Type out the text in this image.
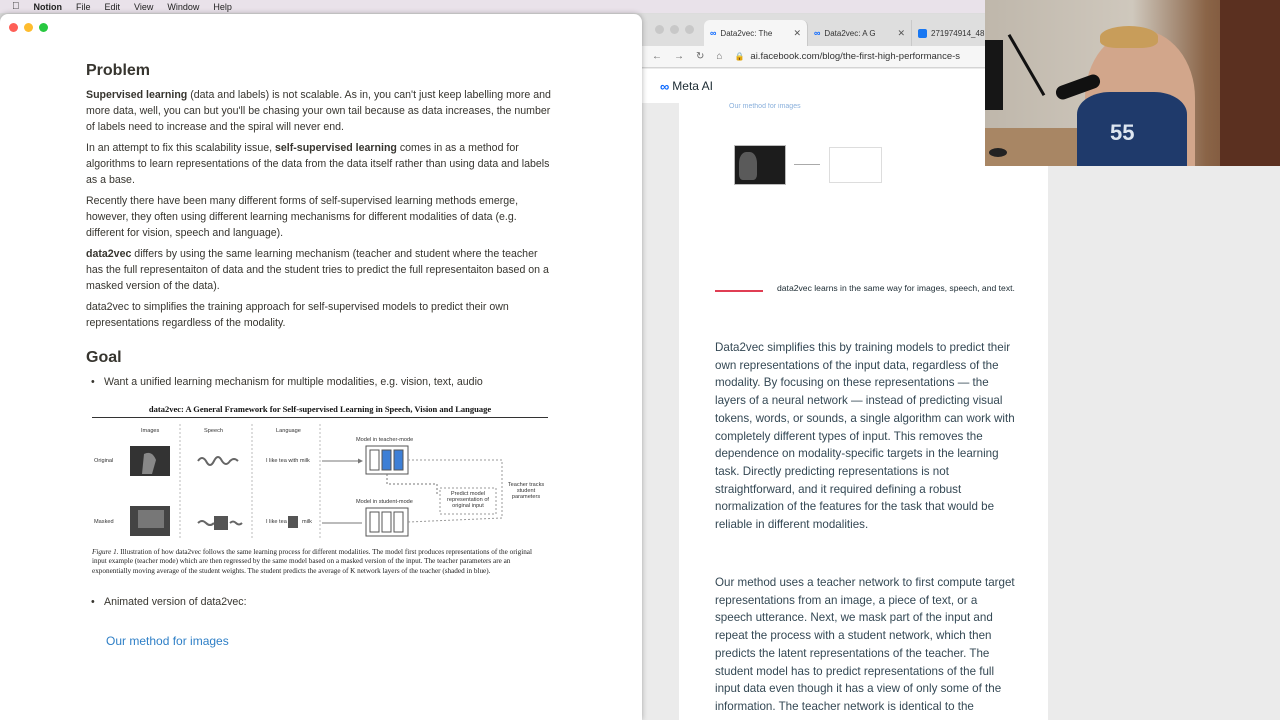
Notion File Edit View Window Help
Problem

Supervised learning (data and labels) is not scalable. As in, you can't just keep labelling more and more data, well, you can but you'll be chasing your own tail because as data increases, the number of labels need to increase and the spiral will never end.

In an attempt to fix this scalability issue, self-supervised learning comes in as a method for algorithms to learn representations of the data from the data itself rather than using data and labels as a base.

Recently there have been many different forms of self-supervised learning methods emerge, however, they often using different learning mechanisms for different modalities of data (e.g. different for vision, speech and language).

data2vec differs by using the same learning mechanism (teacher and student where the teacher has the full representaiton of data and the student tries to predict the full representaiton based on a masked version of the data).

data2vec to simplifies the training approach for self-supervised models to predict their own representations regardless of the modality.

Goal
• Want a unified learning mechanism for multiple modalities, e.g. vision, text, audio
data2vec: A General Framework for Self-supervised Learning in Speech, Vision and Language
Images	Speech	Language
Original
Masked
I like tea with milk
I like tea	milk
Model in teacher-mode
Model in student-mode
Predict model representation of original input
Teacher tracks student parameters

Figure 1. Illustration of how data2vec follows the same learning process for different modalities. The model first produces representations of the original input example (teacher mode) which are then regressed by the same model based on a masked version of the input. The teacher parameters are an exponentially moving average of the student weights. The student predicts the average of K network layers of the teacher (shaded in blue).

• Animated version of data2vec:
Our method for images
∞ Data2vec: The	✕ ∞ Data2vec: A G	✕	271974914_48
← → ↻ ⌂ 🔒 ai.facebook.com/blog/the-first-high-performance-s
Our method for images
data2vec learns in the same way for images, speech, and text.

Data2vec simplifies this by training models to predict their own representations of the input data, regardless of the modality. By focusing on these representations — the layers of a neural network — instead of predicting visual tokens, words, or sounds, a single algorithm can work with completely different types of input. This removes the dependence on modality-specific targets in the learning task. Directly predicting representations is not straightforward, and it required defining a robust normalization of the features for the task that would be reliable in different modalities.

Our method uses a teacher network to first compute target representations from an image, a piece of text, or a speech utterance. Next, we mask part of the input and repeat the process with a student network, which then predicts the latent representations of the teacher. The student model has to predict representations of the full input data even though it has a view of only some of the information. The teacher network is identical to the

∞ Meta AI
55
